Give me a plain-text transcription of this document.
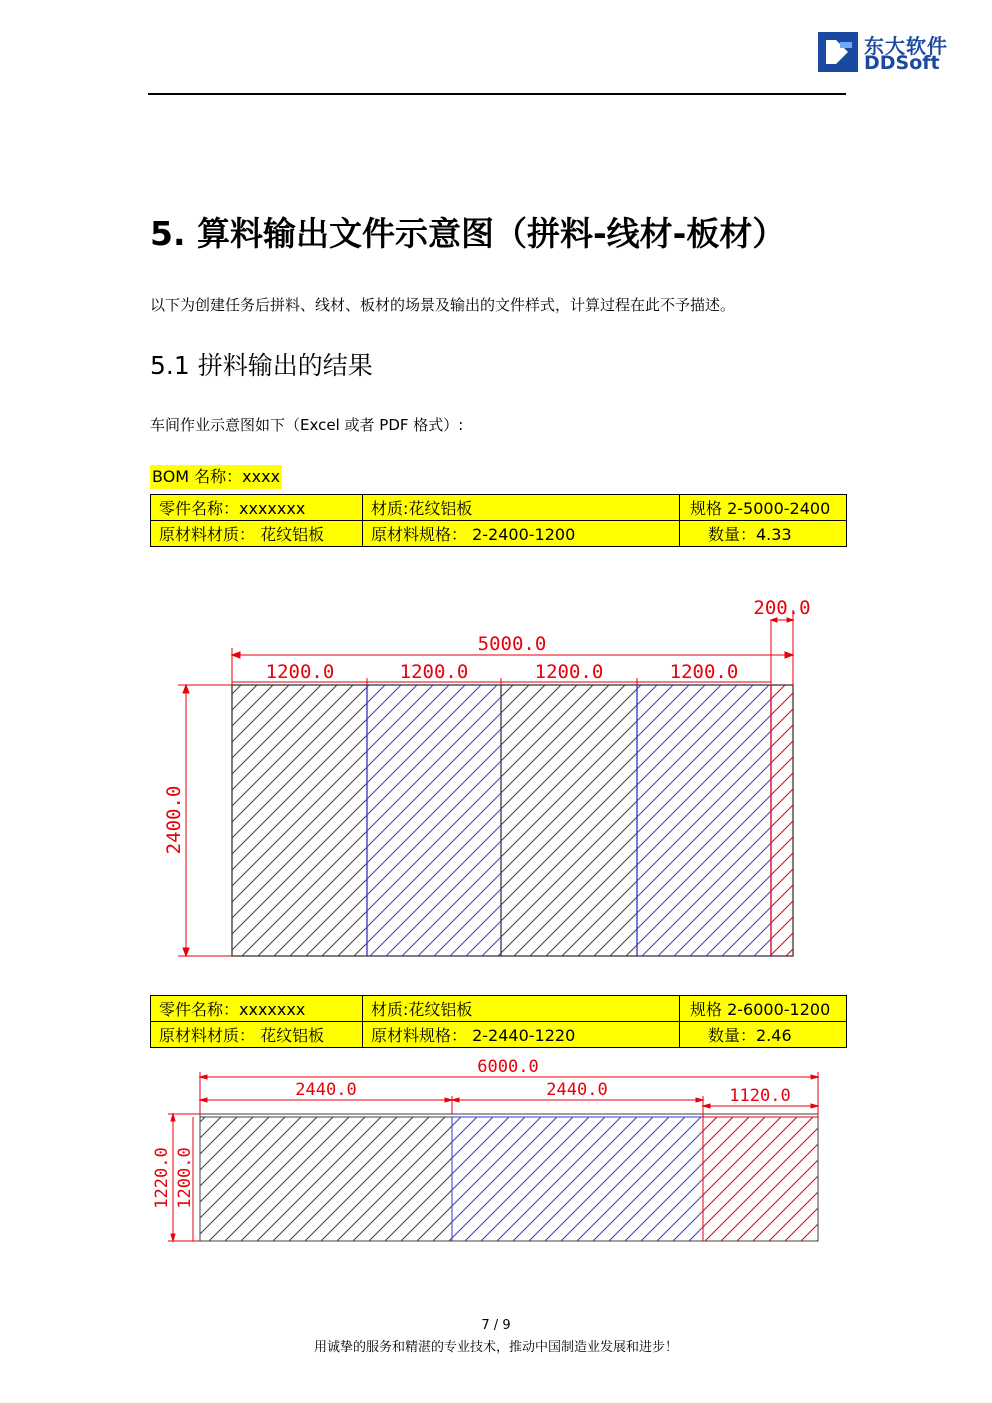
东大软件
DDSoft
5. 算料输出文件示意图（拼料-线材-板材）
以下为创建任务后拼料、线材、板材的场景及输出的文件样式，计算过程在此不予描述。
5.1 拼料输出的结果
车间作业示意图如下（Excel 或者 PDF 格式）:
BOM 名称：xxxx
零件名称：xxxxxxx	材质:花纹铝板	规格 2-5000-2400
原材料材质： 花纹铝板	原材料规格： 2-2400-1200	数量：4.33
5000.0
1200.0	1200.0	1200.0	1200.0
200.0
2400.0
零件名称：xxxxxxx	材质:花纹铝板	规格 2-6000-1200
原材料材质： 花纹铝板	原材料规格： 2-2440-1220	数量：2.46
6000.0
2440.0	2440.0	1120.0
1220.0 1200.0
7 / 9
用诚挚的服务和精湛的专业技术，推动中国制造业发展和进步！
